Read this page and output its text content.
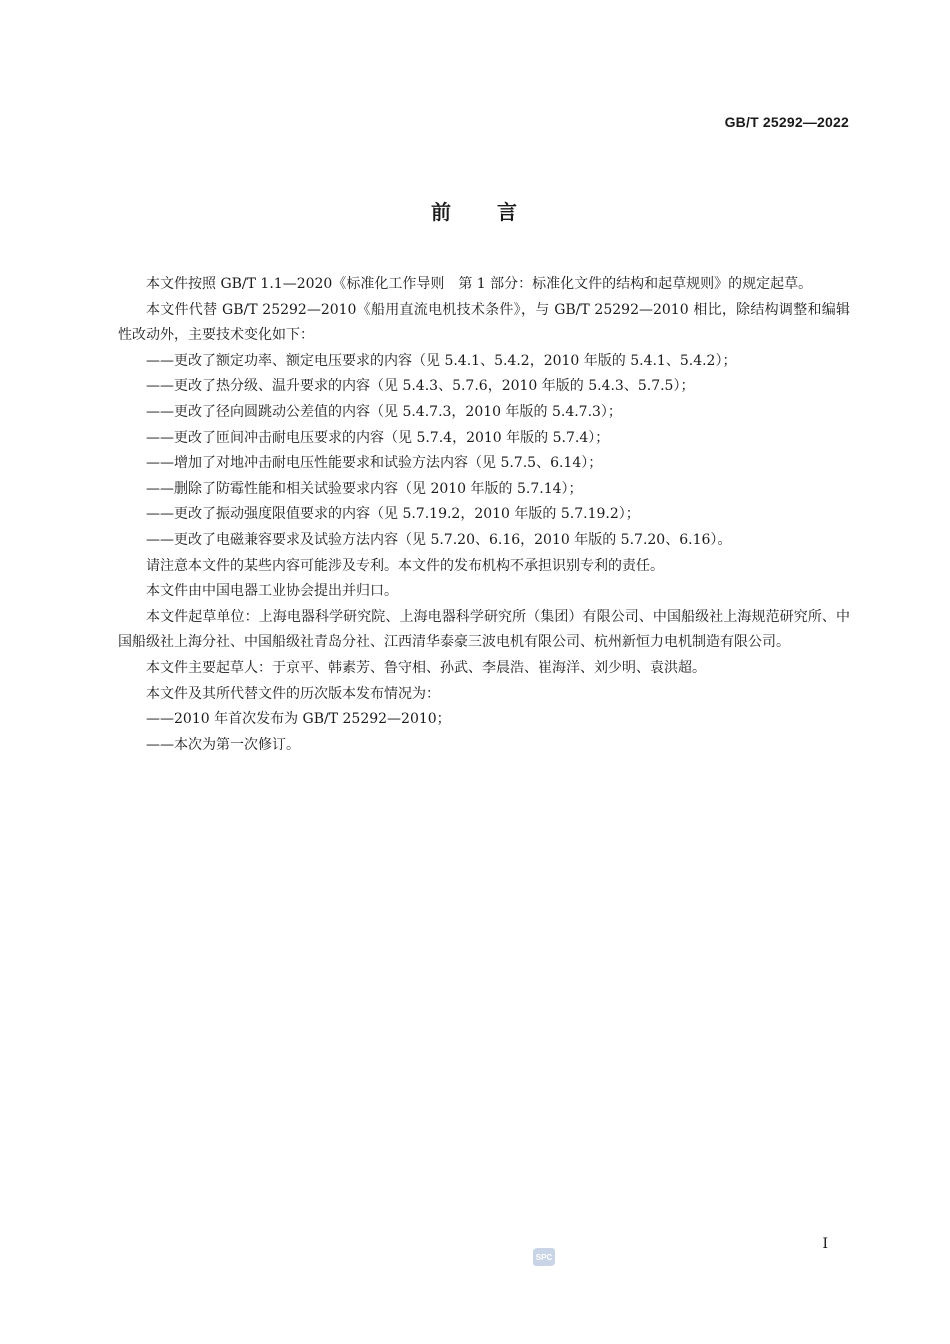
GB/T 25292—2022
前 言

本文件按照 GB/T 1.1—2020《标准化工作导则　第 1 部分：标准化文件的结构和起草规则》的规定起草。

本文件代替 GB/T 25292—2010《船用直流电机技术条件》，与 GB/T 25292—2010 相比，除结构调整和编辑性改动外，主要技术变化如下：

——更改了额定功率、额定电压要求的内容（见 5.4.1、5.4.2，2010 年版的 5.4.1、5.4.2）；
——更改了热分级、温升要求的内容（见 5.4.3、5.7.6，2010 年版的 5.4.3、5.7.5）；
——更改了径向圆跳动公差值的内容（见 5.4.7.3，2010 年版的 5.4.7.3）；
——更改了匝间冲击耐电压要求的内容（见 5.7.4，2010 年版的 5.7.4）；
——增加了对地冲击耐电压性能要求和试验方法内容（见 5.7.5、6.14）；
——删除了防霉性能和相关试验要求内容（见 2010 年版的 5.7.14）；
——更改了振动强度限值要求的内容（见 5.7.19.2，2010 年版的 5.7.19.2）；
——更改了电磁兼容要求及试验方法内容（见 5.7.20、6.16，2010 年版的 5.7.20、6.16）。

请注意本文件的某些内容可能涉及专利。本文件的发布机构不承担识别专利的责任。

本文件由中国电器工业协会提出并归口。

本文件起草单位：上海电器科学研究院、上海电器科学研究所（集团）有限公司、中国船级社上海规范研究所、中国船级社上海分社、中国船级社青岛分社、江西清华泰豪三波电机有限公司、杭州新恒力电机制造有限公司。

本文件主要起草人：于京平、韩素芳、鲁守相、孙武、李晨浩、崔海洋、刘少明、袁洪超。

本文件及其所代替文件的历次版本发布情况为：

——2010 年首次发布为 GB/T 25292—2010；
——本次为第一次修订。
I
SPC
